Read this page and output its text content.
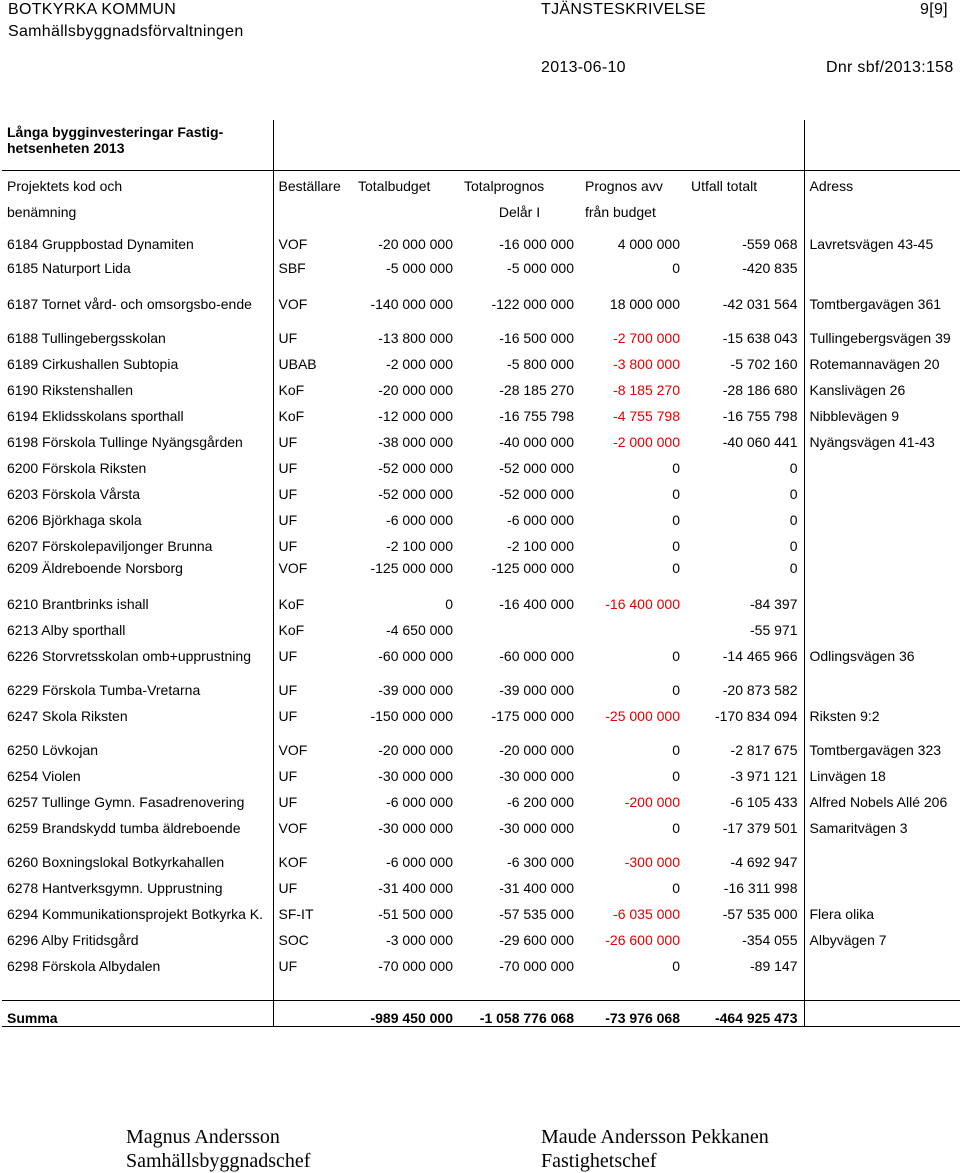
BOTKYRKA KOMMUN	TJÄNSTESKRIVELSE	9[9]
Samhällsbyggnadsförvaltningen
2013-06-10	Dnr sbf/2013:158
Långa bygginvesteringar Fastig-hetsenheten 2013						

Projektets kod och	Beställare	Totalbudget	Totalprognos	Prognos avv	Utfall totalt	Adress
benämning			Delår I	från budget		
6184 Gruppbostad Dynamiten	VOF	-20 000 000	-16 000 000	4 000 000	-559 068	Lavretsvägen 43-45
6185 Naturport Lida	SBF	-5 000 000	-5 000 000	0	-420 835	
6187 Tornet vård- och omsorgsbo-ende	VOF	-140 000 000	-122 000 000	18 000 000	-42 031 564	Tomtbergavägen 361
6188 Tullingebergsskolan	UF	-13 800 000	-16 500 000	-2 700 000	-15 638 043	Tullingebergsvägen 39
6189 Cirkushallen Subtopia	UBAB	-2 000 000	-5 800 000	-3 800 000	-5 702 160	Rotemannavägen 20
6190 Rikstenshallen	KoF	-20 000 000	-28 185 270	-8 185 270	-28 186 680	Kanslivägen 26
6194 Eklidsskolans sporthall	KoF	-12 000 000	-16 755 798	-4 755 798	-16 755 798	Nibblevägen 9
6198 Förskola Tullinge Nyängsgården	UF	-38 000 000	-40 000 000	-2 000 000	-40 060 441	Nyängsvägen 41-43
6200 Förskola Riksten	UF	-52 000 000	-52 000 000	0	0	
6203 Förskola Vårsta	UF	-52 000 000	-52 000 000	0	0	
6206 Björkhaga skola	UF	-6 000 000	-6 000 000	0	0	
6207 Förskolepaviljonger Brunna	UF	-2 100 000	-2 100 000	0	0	
6209 Äldreboende Norsborg	VOF	-125 000 000	-125 000 000	0	0	
6210 Brantbrinks ishall	KoF	0	-16 400 000	-16 400 000	-84 397	
6213 Alby sporthall	KoF	-4 650 000			-55 971	
6226 Storvretsskolan omb+upprustning	UF	-60 000 000	-60 000 000	0	-14 465 966	Odlingsvägen 36
6229 Förskola Tumba-Vretarna	UF	-39 000 000	-39 000 000	0	-20 873 582	
6247 Skola Riksten	UF	-150 000 000	-175 000 000	-25 000 000	-170 834 094	Riksten 9:2
6250 Lövkojan	VOF	-20 000 000	-20 000 000	0	-2 817 675	Tomtbergavägen 323
6254 Violen	UF	-30 000 000	-30 000 000	0	-3 971 121	Linvägen 18
6257 Tullinge Gymn. Fasadrenovering	UF	-6 000 000	-6 200 000	-200 000	-6 105 433	Alfred Nobels Allé 206
6259 Brandskydd tumba äldreboende	VOF	-30 000 000	-30 000 000	0	-17 379 501	Samaritvägen 3
6260 Boxningslokal Botkyrkahallen	KOF	-6 000 000	-6 300 000	-300 000	-4 692 947	
6278 Hantverksgymn. Upprustning	UF	-31 400 000	-31 400 000	0	-16 311 998	
6294 Kommunikationsprojekt Botkyrka K.	SF-IT	-51 500 000	-57 535 000	-6 035 000	-57 535 000	Flera olika
6296 Alby Fritidsgård	SOC	-3 000 000	-29 600 000	-26 600 000	-354 055	Albyvägen 7
6298 Förskola Albydalen	UF	-70 000 000	-70 000 000	0	-89 147	

Summa		-989 450 000	-1 058 776 068	-73 976 068	-464 925 473	
Magnus Andersson
Samhällsbyggnadschef
Maude Andersson Pekkanen
Fastighetschef
